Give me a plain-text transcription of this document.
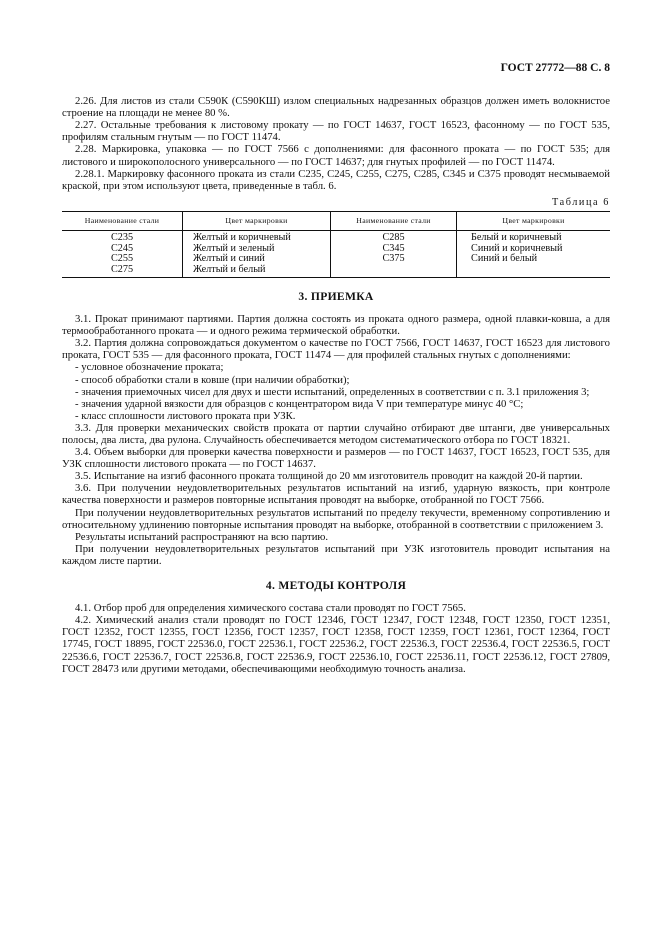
ГОСТ 27772—88 С. 8

2.26. Для листов из стали С590К (С590КШ) излом специальных надрезанных образцов должен иметь волокнистое строение на площади не менее 80 %.

2.27. Остальные требования к листовому прокату — по ГОСТ 14637, ГОСТ 16523, фасонному — по ГОСТ 535, профилям стальным гнутым — по ГОСТ 11474.

2.28. Маркировка, упаковка — по ГОСТ 7566 с дополнениями: для фасонного проката — по ГОСТ 535; для листового и широкополосного универсального — по ГОСТ 14637; для гнутых профилей — по ГОСТ 11474.

2.28.1. Маркировку фасонного проката из стали С235, С245, С255, С275, С285, С345 и С375 проводят несмываемой краской, при этом используют цвета, приведенные в табл. 6.

Таблица 6
Наименование стали	Цвет маркировки	Наименование стали	Цвет маркировки
С235	Желтый и коричневый	С285	Белый и коричневый
С245	Желтый и зеленый	С345	Синий и коричневый
С255	Желтый и синий	С375	Синий и белый
С275	Желтый и белый		
3. ПРИЕМКА

3.1. Прокат принимают партиями. Партия должна состоять из проката одного размера, одной плавки-ковша, а для термообработанного проката — и одного режима термической обработки.

3.2. Партия должна сопровождаться документом о качестве по ГОСТ 7566, ГОСТ 14637, ГОСТ 16523 для листового проката, ГОСТ 535 — для фасонного проката, ГОСТ 11474 — для профилей стальных гнутых с дополнениями:

- условное обозначение проката;

- способ обработки стали в ковше (при наличии обработки);

- значения приемочных чисел для двух и шести испытаний, определенных в соответствии с п. 3.1 приложения 3;

- значения ударной вязкости для образцов с концентратором вида V при температуре минус 40 °С;

- класс сплошности листового проката при УЗК.

3.3. Для проверки механических свойств проката от партии случайно отбирают две штанги, две универсальных полосы, два листа, два рулона. Случайность обеспечивается методом систематического отбора по ГОСТ 18321.

3.4. Объем выборки для проверки качества поверхности и размеров — по ГОСТ 14637, ГОСТ 16523, ГОСТ 535, для УЗК сплошности листового проката — по ГОСТ 14637.

3.5. Испытание на изгиб фасонного проката толщиной до 20 мм изготовитель проводит на каждой 20-й партии.

3.6. При получении неудовлетворительных результатов испытаний на изгиб, ударную вязкость, при контроле качества поверхности и размеров повторные испытания проводят на выборке, отобранной по ГОСТ 7566.

При получении неудовлетворительных результатов испытаний по пределу текучести, временному сопротивлению и относительному удлинению повторные испытания проводят на выборке, отобранной в соответствии с приложением 3.

Результаты испытаний распространяют на всю партию.

При получении неудовлетворительных результатов испытаний при УЗК изготовитель проводит испытания на каждом листе партии.

4. МЕТОДЫ КОНТРОЛЯ

4.1. Отбор проб для определения химического состава стали проводят по ГОСТ 7565.

4.2. Химический анализ стали проводят по ГОСТ 12346, ГОСТ 12347, ГОСТ 12348, ГОСТ 12350, ГОСТ 12351, ГОСТ 12352, ГОСТ 12355, ГОСТ 12356, ГОСТ 12357, ГОСТ 12358, ГОСТ 12359, ГОСТ 12361, ГОСТ 12364, ГОСТ 17745, ГОСТ 18895, ГОСТ 22536.0, ГОСТ 22536.1, ГОСТ 22536.2, ГОСТ 22536.3, ГОСТ 22536.4, ГОСТ 22536.5, ГОСТ 22536.6, ГОСТ 22536.7, ГОСТ 22536.8, ГОСТ 22536.9, ГОСТ 22536.10, ГОСТ 22536.11, ГОСТ 22536.12, ГОСТ 27809, ГОСТ 28473 или другими методами, обеспечивающими необходимую точность анализа.
